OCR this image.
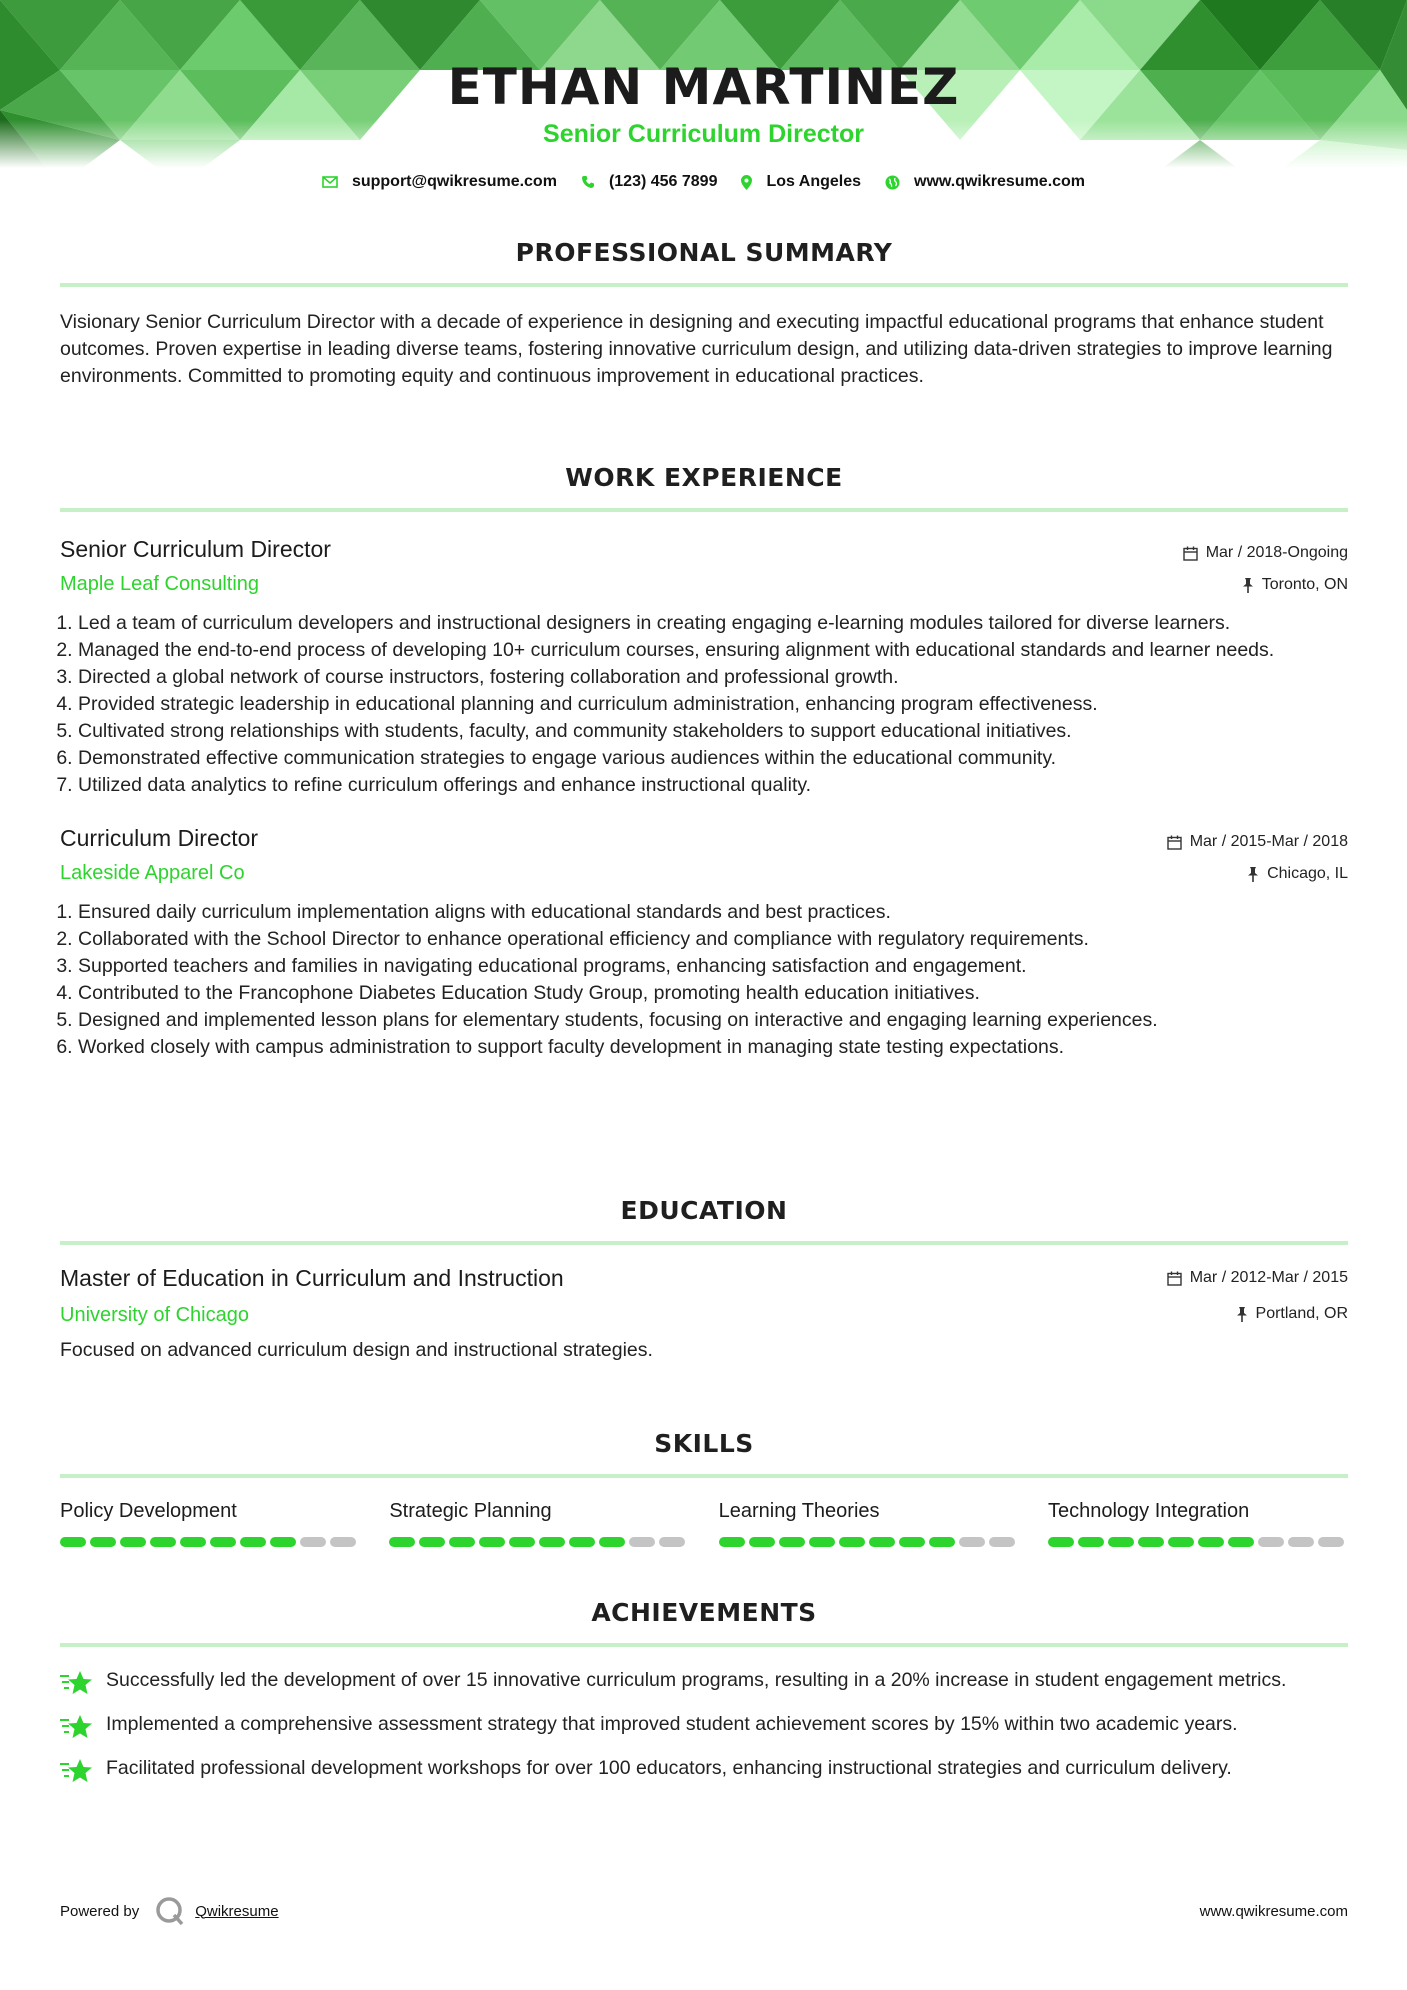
ETHAN MARTINEZ
Senior Curriculum Director
support@qwikresume.com	(123) 456 7899	Los Angeles	www.qwikresume.com
PROFESSIONAL SUMMARY
Visionary Senior Curriculum Director with a decade of experience in designing and executing impactful educational programs that enhance student outcomes. Proven expertise in leading diverse teams, fostering innovative curriculum design, and utilizing data-driven strategies to improve learning environments. Committed to promoting equity and continuous improvement in educational practices.
WORK EXPERIENCE
Senior Curriculum Director
Maple Leaf Consulting
Mar / 2018-Ongoing
Toronto, ON
1. Led a team of curriculum developers and instructional designers in creating engaging e-learning modules tailored for diverse learners.
2. Managed the end-to-end process of developing 10+ curriculum courses, ensuring alignment with educational standards and learner needs.
3. Directed a global network of course instructors, fostering collaboration and professional growth.
4. Provided strategic leadership in educational planning and curriculum administration, enhancing program effectiveness.
5. Cultivated strong relationships with students, faculty, and community stakeholders to support educational initiatives.
6. Demonstrated effective communication strategies to engage various audiences within the educational community.
7. Utilized data analytics to refine curriculum offerings and enhance instructional quality.
Curriculum Director
Lakeside Apparel Co
Mar / 2015-Mar / 2018
Chicago, IL
1. Ensured daily curriculum implementation aligns with educational standards and best practices.
2. Collaborated with the School Director to enhance operational efficiency and compliance with regulatory requirements.
3. Supported teachers and families in navigating educational programs, enhancing satisfaction and engagement.
4. Contributed to the Francophone Diabetes Education Study Group, promoting health education initiatives.
5. Designed and implemented lesson plans for elementary students, focusing on interactive and engaging learning experiences.
6. Worked closely with campus administration to support faculty development in managing state testing expectations.
EDUCATION
Master of Education in Curriculum and Instruction
University of Chicago
Mar / 2012-Mar / 2015
Portland, OR
Focused on advanced curriculum design and instructional strategies.
SKILLS
Policy Development	Strategic Planning	Learning Theories	Technology Integration
ACHIEVEMENTS
Successfully led the development of over 15 innovative curriculum programs, resulting in a 20% increase in student engagement metrics.
Implemented a comprehensive assessment strategy that improved student achievement scores by 15% within two academic years.
Facilitated professional development workshops for over 100 educators, enhancing instructional strategies and curriculum delivery.
Powered by	Qwikresume	www.qwikresume.com
